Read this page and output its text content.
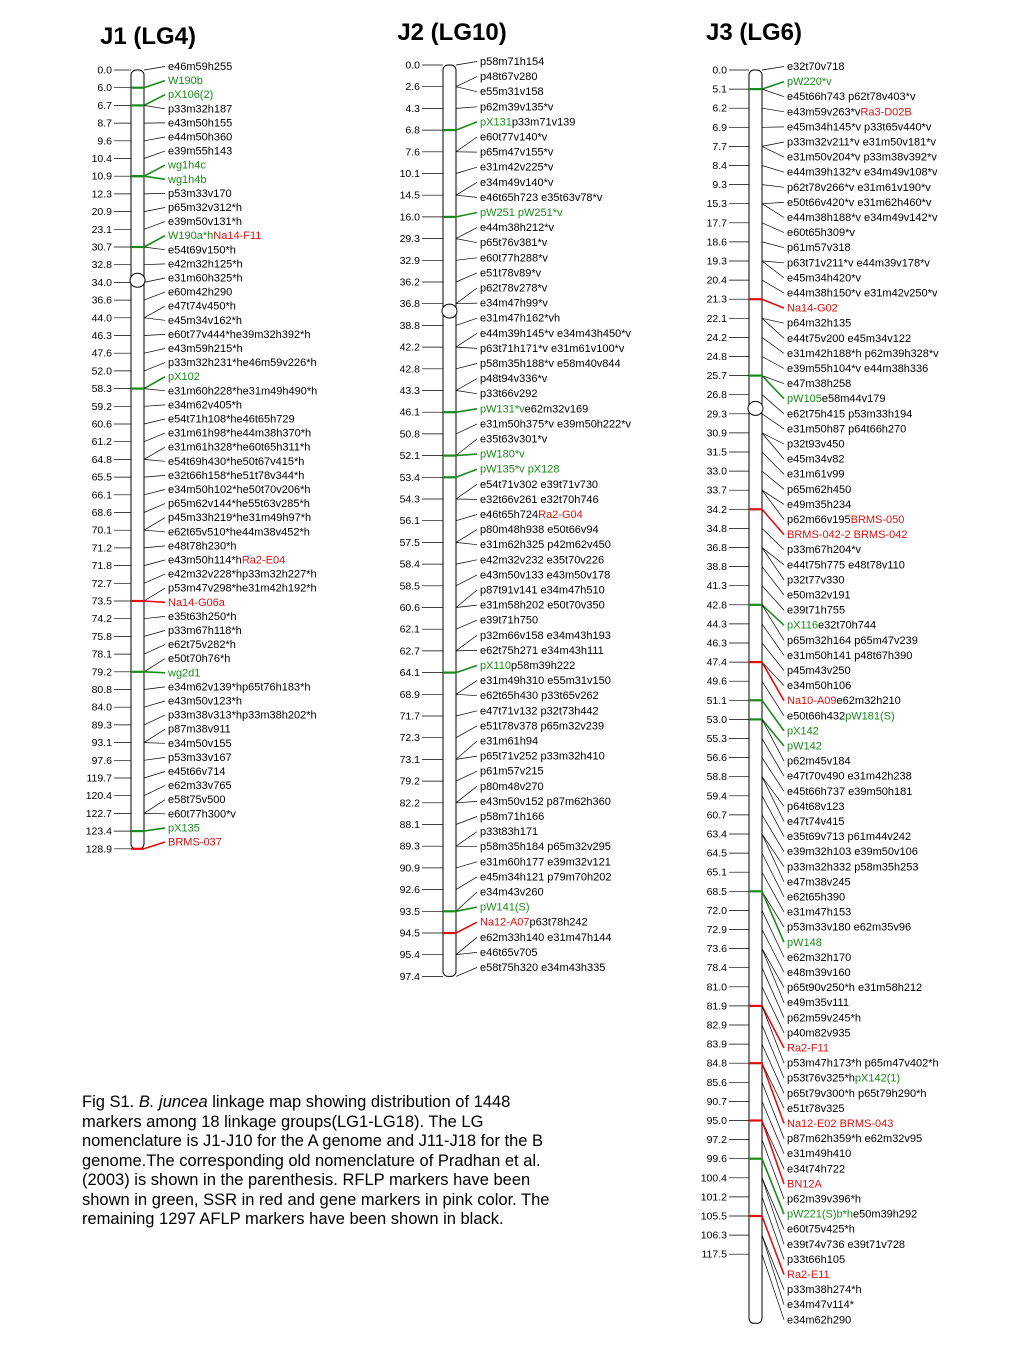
J1 (LG4)
0.0
6.0
6.7
8.7
9.6
10.4
10.9
12.3
20.9
23.1
30.7
32.8
34.0
36.6
44.0
46.3
47.6
52.0
58.3
59.2
60.6
61.2
64.8
65.5
66.1
68.6
70.1
71.2
71.8
72.7
73.5
74.2
75.8
78.1
79.2
80.8
84.0
89.3
93.1
97.6
119.7
120.4
122.7
123.4
128.9
e46m59h255
W190b
pX106(2)
p33m32h187
e43m50h155
e44m50h360
e39m55h143
wg1h4c
wg1h4b
p53m33v170
p65m32v312*h
e39m50v131*h
W190a*hNa14-F11
e54t69v150*h
e42m32h125*h
e31m60h325*h
e60m42h290
e47t74v450*h
e45m34v162*h
e60t77v444*he39m32h392*h
e43m59h215*h
p33m32h231*he46m59v226*h
pX102
e31m60h228*he31m49h490*h
e34m62v405*h
e54t71h108*he46t65h729
e31m61h98*he44m38h370*h
e31m61h328*he60t65h311*h
e54t69h430*he50t67v415*h
e32t66h158*he51t78v344*h
e34m50h102*he50t70v206*h
p65m62v144*he55t63v285*h
p45m33h219*he31m49h97*h
e62t65v510*he44m38v452*h
e48t78h230*h
e43m50h114*hRa2-E04
e42m32v228*hp33m32h227*h
p53m47v298*he31m42h192*h
Na14-G06a
e35t63h250*h
p33m67h118*h
e62t75v282*h
e50t70h76*h
wg2d1
e34m62v139*hp65t76h183*h
e43m50v123*h
p33m38v313*hp33m38h202*h
p87m38v911
e34m50v155
p53m33v167
e45t66v714
e62m33v765
e58t75v500
e60t77h300*v
pX135
BRMS-037
J2 (LG10)
0.0
2.6
4.3
6.8
7.6
10.1
14.5
16.0
29.3
32.9
36.2
36.8
38.8
42.2
42.8
43.3
46.1
50.8
52.1
53.4
54.3
56.1
57.5
58.4
58.5
60.6
62.1
62.7
64.1
68.9
71.7
72.3
73.1
79.2
82.2
88.1
89.3
90.9
92.6
93.5
94.5
95.4
97.4
p58m71h154
p48t67v280
e55m31v158
p62m39v135*v
pX131p33m71v139
e60t77v140*v
p65m47v155*v
e31m42v225*v
e34m49v140*v
e46t65h723 e35t63v78*v
pW251 pW251*v
e44m38h212*v
p65t76v381*v
e60t77h288*v
e51t78v89*v
p62t78v278*v
e34m47h99*v
e31m47h162*vh
e44m39h145*v e34m43h450*v
p63t71h171*v e31m61v100*v
p58m35h188*v e58m40v844
p48t94v336*v
p33t66v292
pW131*ve62m32v169
e31m50h375*v e39m50h222*v
e35t63v301*v
pW180*v
pW135*v pX128
e54t71v302 e39t71v730
e32t66v261 e32t70h746
e46t65h724Ra2-G04
p80m48h938 e50t66v94
e31m62h325 p42m62v450
e42m32v232 e35t70v226
e43m50v133 e43m50v178
p87t91v141 e34m47h510
e31m58h202 e50t70v350
e39t71h750
p32m66v158 e34m43h193
e62t75h271 e34m43h111
pX110p58m39h222
e31m49h310 e55m31v150
e62t65h430 p33t65v262
e47t71v132 p32t73h442
e51t78v378 p65m32v239
e31m61h94
p65t71v252 p33m32h410
p61m57v215
p80m48v270
e43m50v152 p87m62h360
p58m71h166
p33t83h171
p58m35h184 p65m32v295
e31m60h177 e39m32v121
e45m34h121 p79m70h202
e34m43v260
pW141(S)
Na12-A07p63t78h242
e62m33h140 e31m47h144
e46t65v705
e58t75h320 e34m43h335
J3 (LG6)
0.0
5.1
6.2
6.9
7.7
8.4
9.3
15.3
17.7
18.6
19.3
20.4
21.3
22.1
24.2
24.8
25.7
26.8
29.3
30.9
31.5
33.0
33.7
34.2
34.8
36.8
38.8
41.3
42.8
44.3
46.3
47.4
49.6
51.1
53.0
55.3
56.6
58.8
59.4
60.7
63.4
64.5
65.1
68.5
72.0
72.9
73.6
78.4
81.0
81.9
82.9
83.9
84.8
85.6
90.7
95.0
97.2
99.6
100.4
101.2
105.5
106.3
117.5
e32t70v718
pW220*v
e45t66h743 p62t78v403*v
e43m59v263*vRa3-D02B
e45m34h145*v p33t65v440*v
p33m32v211*v e31m50v181*v
e31m50v204*v p33m38v392*v
e44m39h132*v e34m49v108*v
p62t78v266*v e31m61v190*v
e50t66v420*v e31m62h460*v
e44m38h188*v e34m49v142*v
e60t65h309*v
p61m57v318
p63t71v211*v e44m39v178*v
e45m34h420*v
e44m38h150*v e31m42v250*v
Na14-G02
p64m32h135
e44t75v200 e45m34v122
e31m42h188*h p62m39h328*v
e39m55h104*v e44m38h336
e47m38h258
pW105e58m44v179
e62t75h415 p53m33h194
e31m50h87 p64t66h270
p32t93v450
e45m34v82
e31m61v99
p65m62h450
e49m35h234
p62m66v195BRMS-050
BRMS-042-2 BRMS-042
p33m67h204*v
e44t75h775 e48t78v110
p32t77v330
e50m32v191
e39t71h755
pX116e32t70h744
p65m32h164 p65m47v239
e31m50h141 p48t67h390
p45m43v250
e34m50h106
Na10-A09e62m32h210
e50t66h432pW181(S)
pX142
pW142
p62m45v184
e47t70v490 e31m42h238
e45t66h737 e39m50h181
p64t68v123
e47t74v415
e35t69v713 p61m44v242
e39m32h103 e39m50v106
p33m32h332 p58m35h253
e47m38v245
e62t65h390
e31m47h153
p53m33v180 e62m35v96
pW148
e62m32h170
e48m39v160
p65t90v250*h e31m58h212
e49m35v111
p62m59v245*h
p40m82v935
Ra2-F11
p53m47h173*h p65m47v402*h
p53t76v325*hpX142(1)
p65t79v300*h p65t79h290*h
e51t78v325
Na12-E02 BRMS-043
p87m62h359*h e62m32v95
e31m49h410
e34t74h722
BN12A
p62m39v396*h
pW221(S)b*he50m39h292
e60t75v425*h
e39t74v736 e39t71v728
p33t66h105
Ra2-E11
p33m38h274*h
e34m47v114*
e34m62h290
Fig S1. B. juncea linkage map showing distribution of 1448 markers among 18 linkage groups(LG1-LG18). The LG nomenclature is J1-J10 for the A genome and J11-J18 for the B genome.The corresponding old nomenclature of Pradhan et al. (2003) is shown in the parenthesis. RFLP markers have been shown in green, SSR in red and gene markers in pink color. The remaining 1297 AFLP markers have been shown in black.
